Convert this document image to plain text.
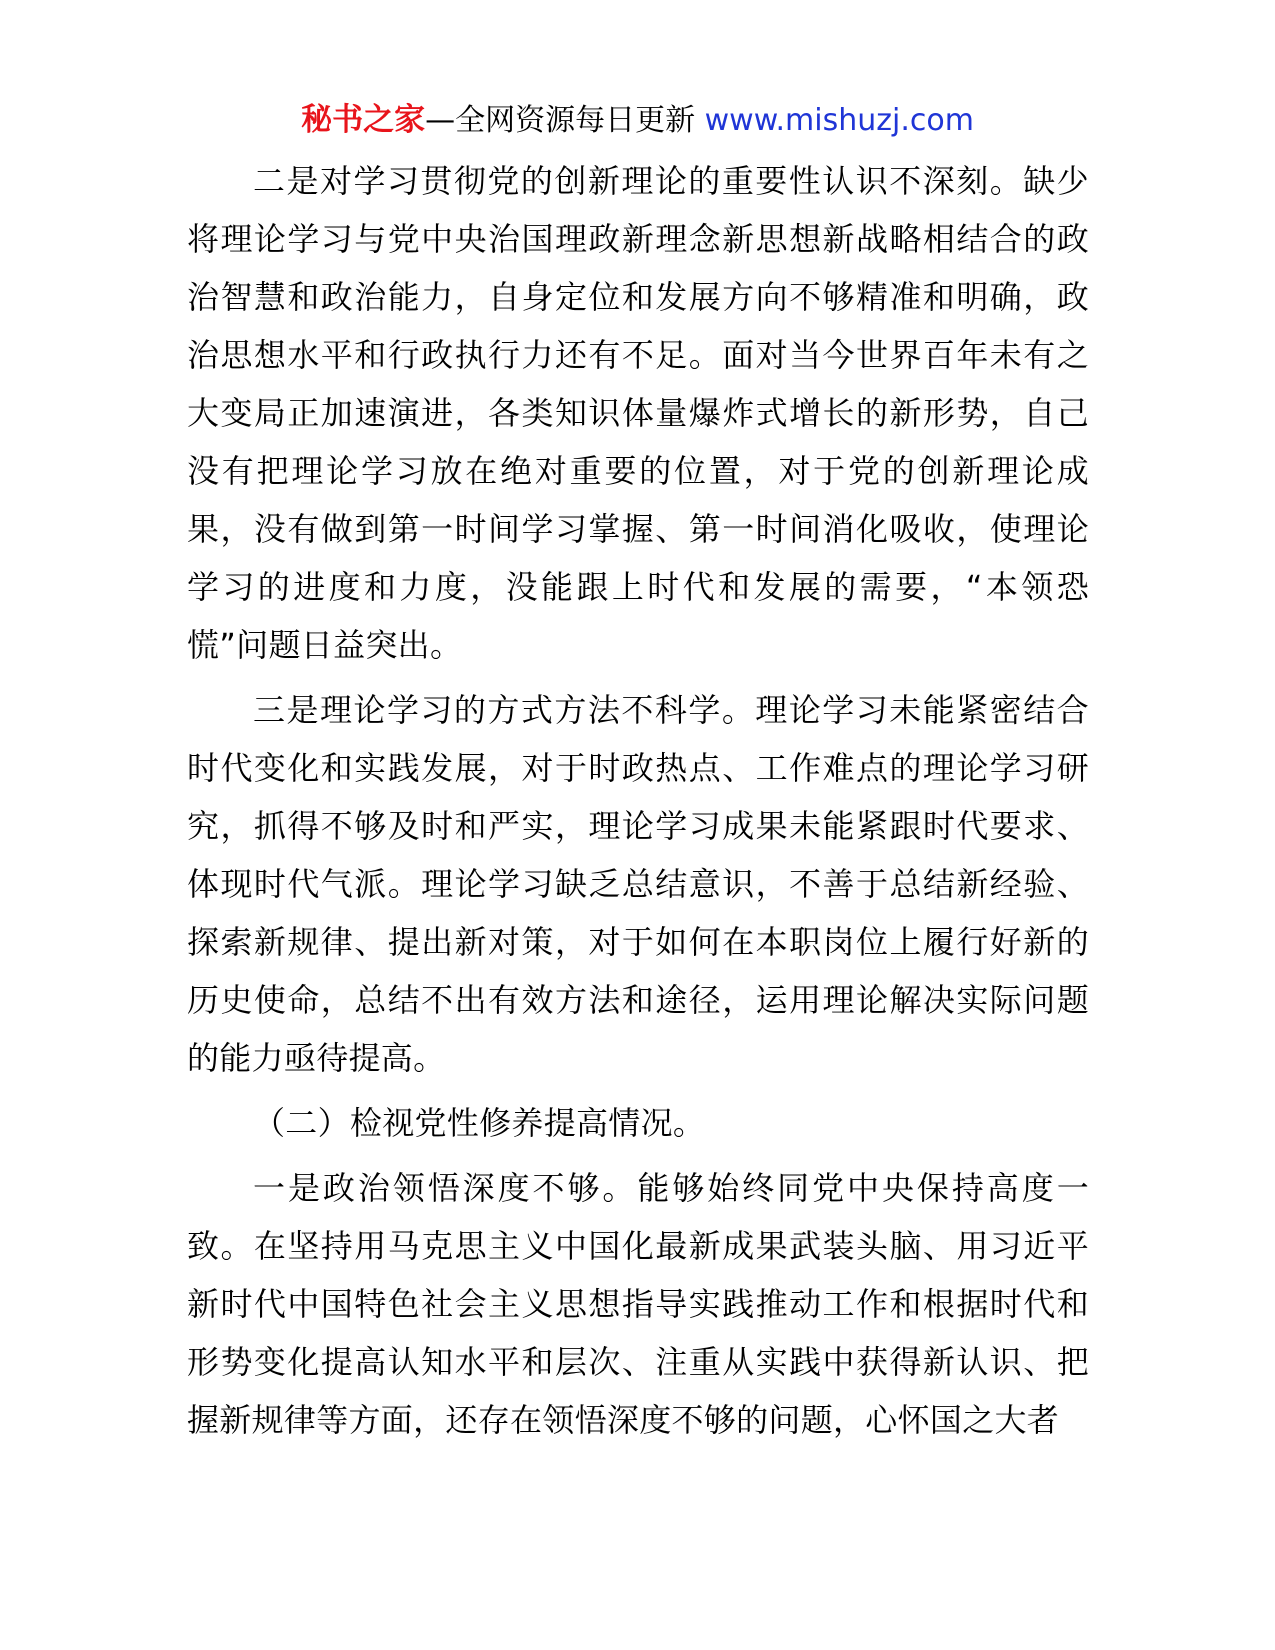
秘书之家—全网资源每日更新 www.mishuzj.com

二是对学习贯彻党的创新理论的重要性认识不深刻。缺少将理论学习与党中央治国理政新理念新思想新战略相结合的政治智慧和政治能力，自身定位和发展方向不够精准和明确，政治思想水平和行政执行力还有不足。面对当今世界百年未有之大变局正加速演进，各类知识体量爆炸式增长的新形势，自己没有把理论学习放在绝对重要的位置，对于党的创新理论成果，没有做到第一时间学习掌握、第一时间消化吸收，使理论学习的进度和力度，没能跟上时代和发展的需要，“本领恐慌”问题日益突出。

三是理论学习的方式方法不科学。理论学习未能紧密结合时代变化和实践发展，对于时政热点、工作难点的理论学习研究，抓得不够及时和严实，理论学习成果未能紧跟时代要求、体现时代气派。理论学习缺乏总结意识，不善于总结新经验、探索新规律、提出新对策，对于如何在本职岗位上履行好新的历史使命，总结不出有效方法和途径，运用理论解决实际问题的能力亟待提高。

（二）检视党性修养提高情况。

一是政治领悟深度不够。能够始终同党中央保持高度一致。在坚持用马克思主义中国化最新成果武装头脑、用习近平新时代中国特色社会主义思想指导实践推动工作和根据时代和形势变化提高认知水平和层次、注重从实践中获得新认识、把握新规律等方面，还存在领悟深度不够的问题，心怀国之大者
